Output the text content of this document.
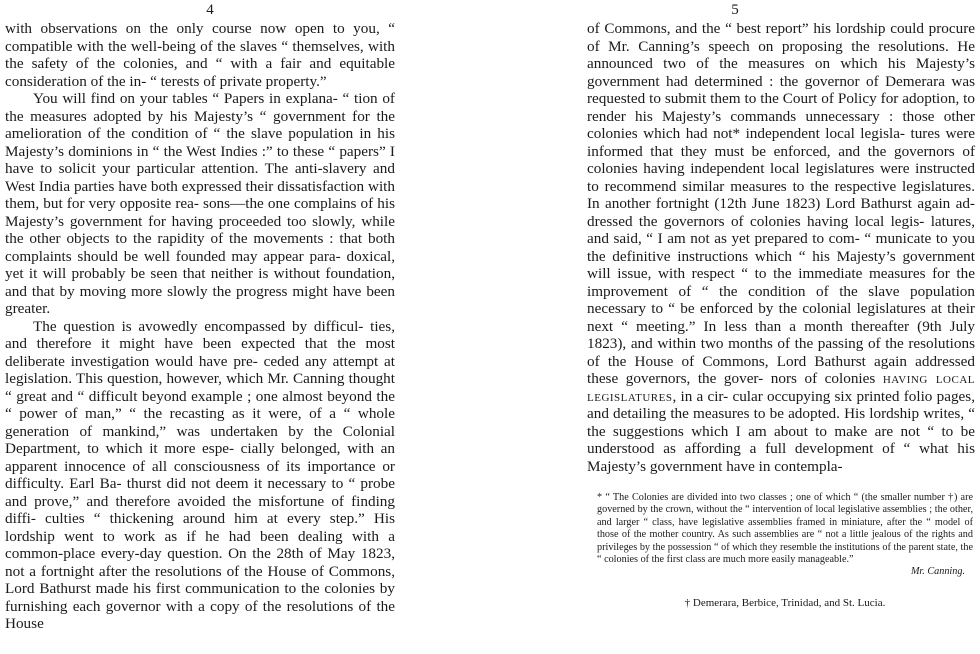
4

with observations on the only course now open to you, “ compatible with the well-being of the slaves “ themselves, with the safety of the colonies, and “ with a fair and equitable consideration of the in- “ terests of private property.”

You will find on your tables “ Papers in explana- “ tion of the measures adopted by his Majesty’s “ government for the amelioration of the condition of “ the slave population in his Majesty’s dominions in “ the West Indies :” to these “ papers” I have to solicit your particular attention. The anti-slavery and West India parties have both expressed their dissatisfaction with them, but for very opposite rea- sons—the one complains of his Majesty’s government for having proceeded too slowly, while the other objects to the rapidity of the movements : that both complaints should be well founded may appear para- doxical, yet it will probably be seen that neither is without foundation, and that by moving more slowly the progress might have been greater.

The question is avowedly encompassed by difficul- ties, and therefore it might have been expected that the most deliberate investigation would have pre- ceded any attempt at legislation. This question, however, which Mr. Canning thought “ great and “ difficult beyond example ; one almost beyond the “ power of man,” “ the recasting as it were, of a “ whole generation of mankind,” was undertaken by the Colonial Department, to which it more espe- cially belonged, with an apparent innocence of all consciousness of its importance or difficulty. Earl Ba- thurst did not deem it necessary to “ probe and prove,” and therefore avoided the misfortune of finding diffi- culties “ thickening around him at every step.” His lordship went to work as if he had been dealing with a common-place every-day question. On the 28th of May 1823, not a fortnight after the resolutions of the House of Commons, Lord Bathurst made his first communication to the colonies by furnishing each governor with a copy of the resolutions of the House

5

of Commons, and the “ best report” his lordship could procure of Mr. Canning’s speech on proposing the resolutions. He announced two of the measures on which his Majesty’s government had determined : the governor of Demerara was requested to submit them to the Court of Policy for adoption, to render his Majesty’s commands unnecessary : those other colonies which had not* independent local legisla- tures were informed that they must be enforced, and the governors of colonies having independent local legislatures were instructed to recommend similar measures to the respective legislatures. In another fortnight (12th June 1823) Lord Bathurst again ad- dressed the governors of colonies having local legis- latures, and said, “ I am not as yet prepared to com- “ municate to you the definitive instructions which “ his Majesty’s government will issue, with respect “ to the immediate measures for the improvement of “ the condition of the slave population necessary to “ be enforced by the colonial legislatures at their next “ meeting.” In less than a month thereafter (9th July 1823), and within two months of the passing of the resolutions of the House of Commons, Lord Bathurst again addressed these governors, the gover- nors of colonies having local legislatures, in a cir- cular occupying six printed folio pages, and detailing the measures to be adopted. His lordship writes, “ the suggestions which I am about to make are not “ to be understood as affording a full development of “ what his Majesty’s government have in contempla-

* “ The Colonies are divided into two classes ; one of which “ (the smaller number †) are governed by the crown, without the “ intervention of local legislative assemblies ; the other, and larger “ class, have legislative assemblies framed in miniature, after the “ model of those of the mother country. As such assemblies are “ not a little jealous of the rights and privileges by the possession “ of which they resemble the institutions of the parent state, the “ colonies of the first class are much more easily manageable.”

Mr. Canning.

† Demerara, Berbice, Trinidad, and St. Lucia.
